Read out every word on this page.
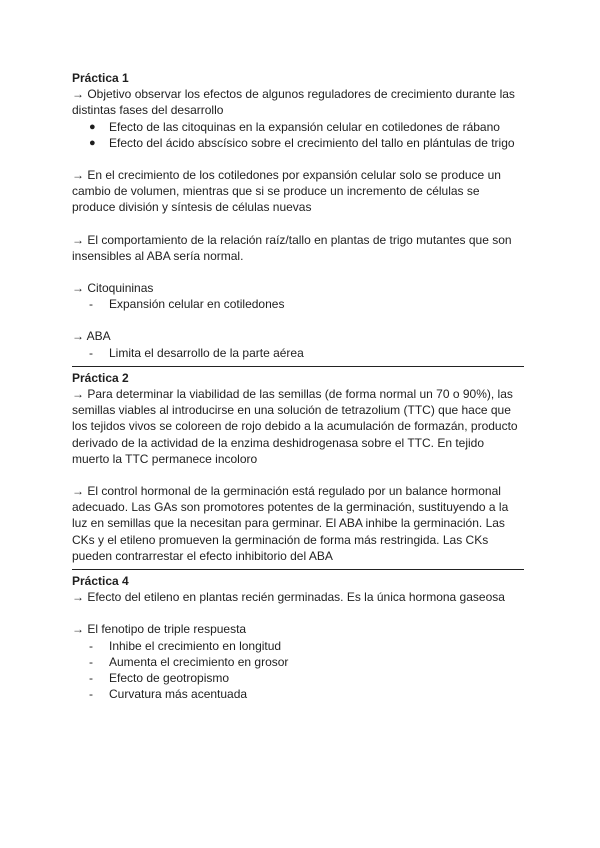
Práctica 1

→ Objetivo observar los efectos de algunos reguladores de crecimiento durante las distintas fases del desarrollo

●	Efecto de las citoquinas en la expansión celular en cotiledones de rábano
●	Efecto del ácido abscísico sobre el crecimiento del tallo en plántulas de trigo

→ En el crecimiento de los cotiledones por expansión celular solo se produce un cambio de volumen, mientras que si se produce un incremento de células se produce división y síntesis de células nuevas

→ El comportamiento de la relación raíz/tallo en plantas de trigo mutantes que son insensibles al ABA sería normal.

→ Citoquininas

-	Expansión celular en cotiledones

→ ABA

-	Limita el desarrollo de la parte aérea

Práctica 2

→ Para determinar la viabilidad de las semillas (de forma normal un 70 o 90%), las semillas viables al introducirse en una solución de tetrazolium (TTC) que hace que los tejidos vivos se coloreen de rojo debido a la acumulación de formazán, producto derivado de la actividad de la enzima deshidrogenasa sobre el TTC. En tejido muerto la TTC permanece incoloro

→ El control hormonal de la germinación está regulado por un balance hormonal adecuado. Las GAs son promotores potentes de la germinación, sustituyendo a la luz en semillas que la necesitan para germinar. El ABA inhibe la germinación. Las CKs y el etileno promueven la germinación de forma más restringida. Las CKs pueden contrarrestar el efecto inhibitorio del ABA

Práctica 4

→ Efecto del etileno en plantas recién germinadas. Es la única hormona gaseosa

→ El fenotipo de triple respuesta

-	Inhibe el crecimiento en longitud
-	Aumenta el crecimiento en grosor
-	Efecto de geotropismo
-	Curvatura más acentuada
